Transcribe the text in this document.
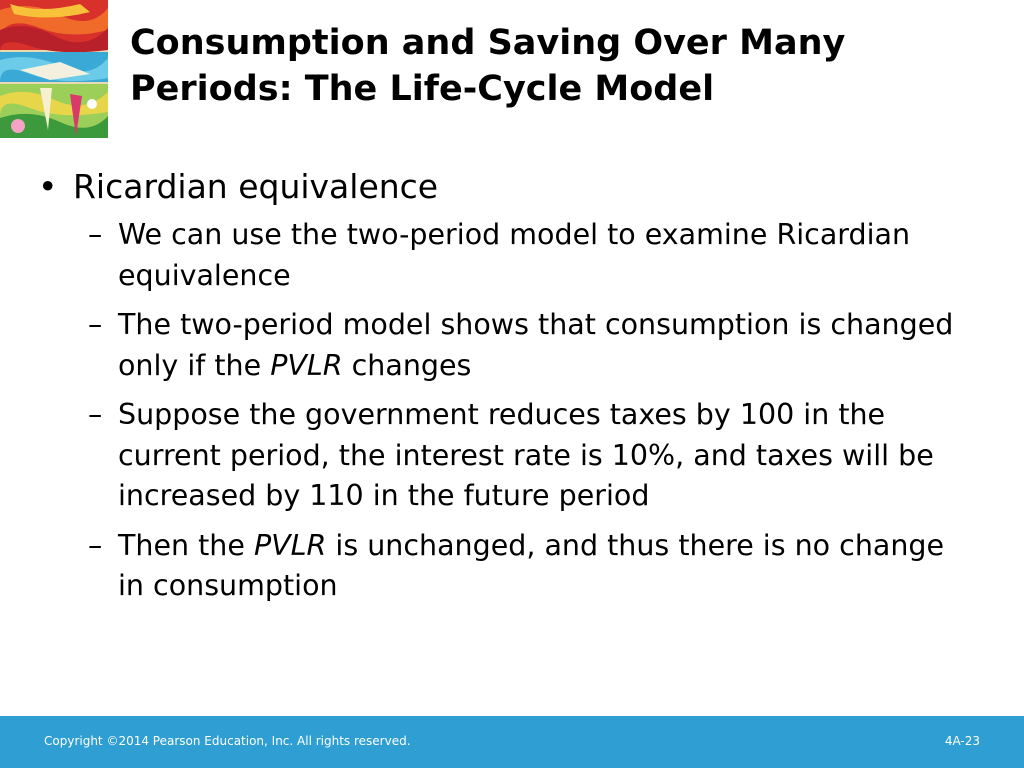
Consumption and Saving Over Many
Periods: The Life-Cycle Model
• Ricardian equivalence
– We can use the two-period model to examine Ricardian equivalence
– The two-period model shows that consumption is changed only if the PVLR changes
– Suppose the government reduces taxes by 100 in the current period, the interest rate is 10%, and taxes will be increased by 110 in the future period
– Then the PVLR is unchanged, and thus there is no change in consumption
Copyright ©2014 Pearson Education, Inc. All rights reserved.	4A-23
